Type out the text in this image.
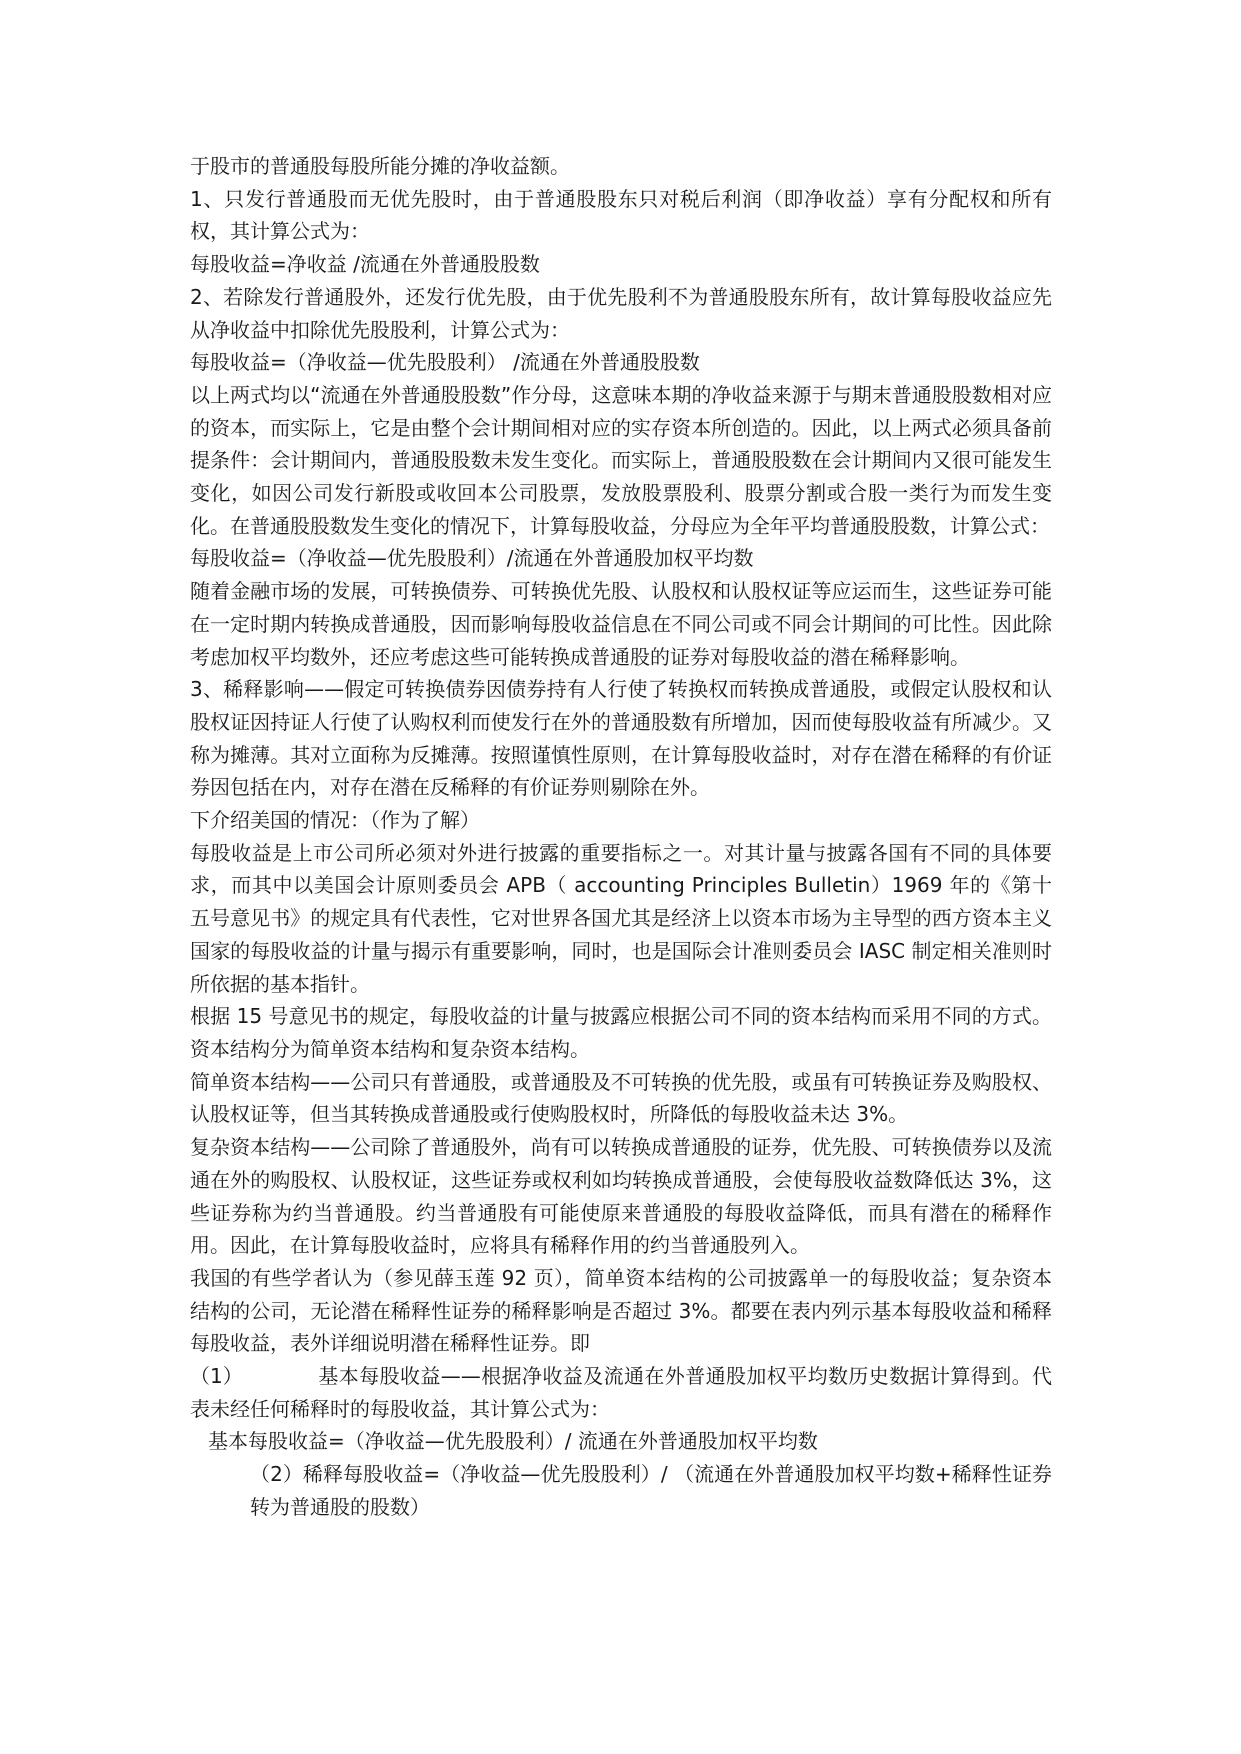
于股市的普通股每股所能分摊的净收益额。

1、只发行普通股而无优先股时，由于普通股股东只对税后利润（即净收益）享有分配权和所有权，其计算公式为：

每股收益=净收益 /流通在外普通股股数

2、若除发行普通股外，还发行优先股，由于优先股利不为普通股股东所有，故计算每股收益应先从净收益中扣除优先股股利，计算公式为：

每股收益=（净收益—优先股股利） /流通在外普通股股数

以上两式均以“流通在外普通股股数”作分母，这意味本期的净收益来源于与期末普通股股数相对应的资本，而实际上，它是由整个会计期间相对应的实存资本所创造的。因此，以上两式必须具备前提条件：会计期间内，普通股股数未发生变化。而实际上，普通股股数在会计期间内又很可能发生变化，如因公司发行新股或收回本公司股票，发放股票股利、股票分割或合股一类行为而发生变化。在普通股股数发生变化的情况下，计算每股收益，分母应为全年平均普通股股数，计算公式：

每股收益=（净收益—优先股股利）/流通在外普通股加权平均数

随着金融市场的发展，可转换债券、可转换优先股、认股权和认股权证等应运而生，这些证券可能在一定时期内转换成普通股，因而影响每股收益信息在不同公司或不同会计期间的可比性。因此除考虑加权平均数外，还应考虑这些可能转换成普通股的证券对每股收益的潜在稀释影响。

3、稀释影响——假定可转换债券因债券持有人行使了转换权而转换成普通股，或假定认股权和认股权证因持证人行使了认购权利而使发行在外的普通股数有所增加，因而使每股收益有所减少。又称为摊薄。其对立面称为反摊薄。按照谨慎性原则，在计算每股收益时，对存在潜在稀释的有价证券因包括在内，对存在潜在反稀释的有价证券则剔除在外。

下介绍美国的情况：（作为了解）

每股收益是上市公司所必须对外进行披露的重要指标之一。对其计量与披露各国有不同的具体要求，而其中以美国会计原则委员会 APB（ accounting Principles Bulletin）1969 年的《第十五号意见书》的规定具有代表性，它对世界各国尤其是经济上以资本市场为主导型的西方资本主义国家的每股收益的计量与揭示有重要影响，同时，也是国际会计准则委员会 IASC 制定相关准则时所依据的基本指针。

根据 15 号意见书的规定，每股收益的计量与披露应根据公司不同的资本结构而采用不同的方式。资本结构分为简单资本结构和复杂资本结构。

简单资本结构——公司只有普通股，或普通股及不可转换的优先股，或虽有可转换证券及购股权、认股权证等，但当其转换成普通股或行使购股权时，所降低的每股收益未达 3%。

复杂资本结构——公司除了普通股外，尚有可以转换成普通股的证券，优先股、可转换债券以及流通在外的购股权、认股权证，这些证券或权利如均转换成普通股，会使每股收益数降低达 3%，这些证券称为约当普通股。约当普通股有可能使原来普通股的每股收益降低，而具有潜在的稀释作用。因此，在计算每股收益时，应将具有稀释作用的约当普通股列入。

我国的有些学者认为（参见薛玉莲 92 页），简单资本结构的公司披露单一的每股收益；复杂资本结构的公司，无论潜在稀释性证券的稀释影响是否超过 3%。都要在表内列示基本每股收益和稀释每股收益，表外详细说明潜在稀释性证券。即

（1）	基本每股收益——根据净收益及流通在外普通股加权平均数历史数据计算得到。代表未经任何稀释时的每股收益，其计算公式为：

基本每股收益=（净收益—优先股股利）/ 流通在外普通股加权平均数

（2）稀释每股收益=（净收益—优先股股利）/ （流通在外普通股加权平均数+稀释性证券转为普通股的股数）
